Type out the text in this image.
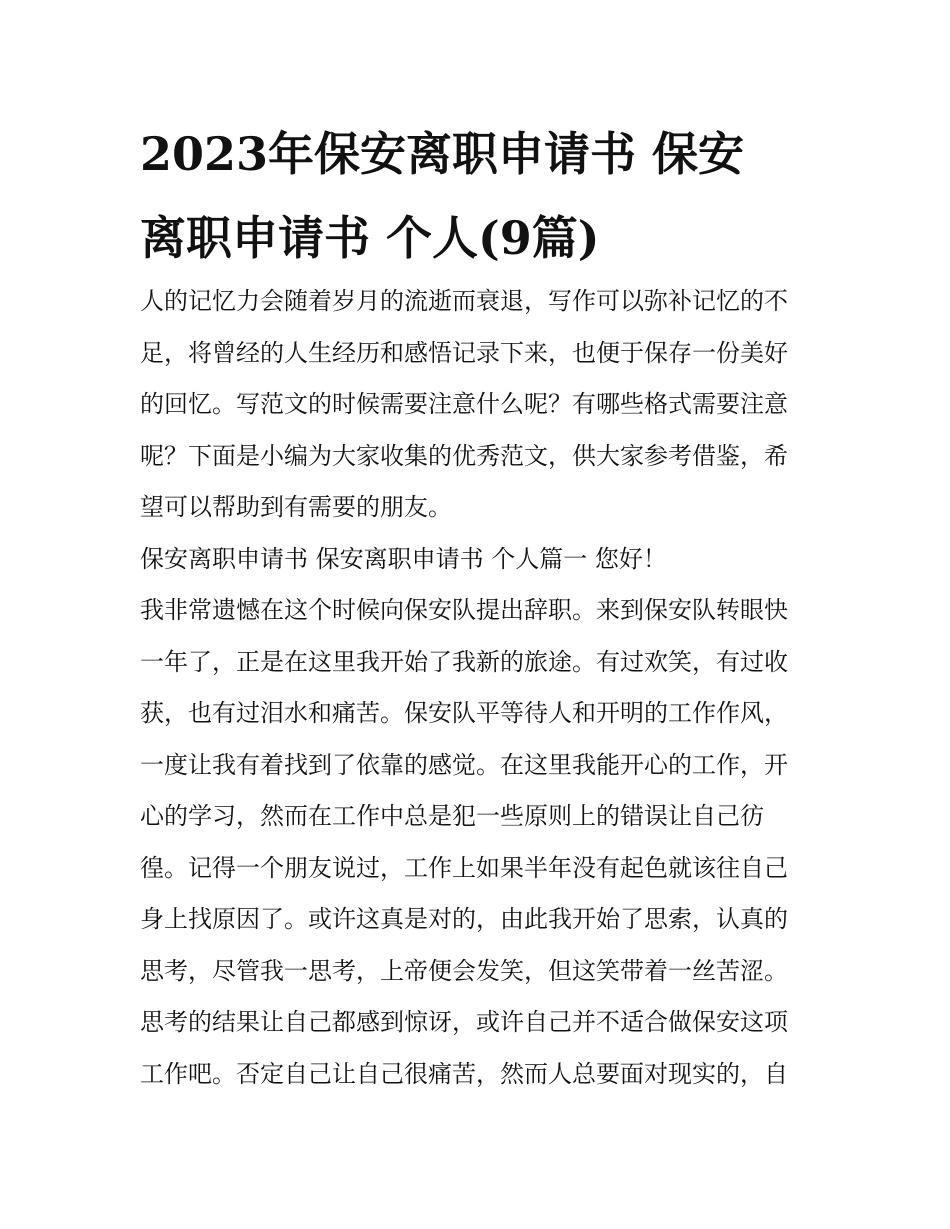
2023年保安离职申请书 保安
离职申请书 个人(9篇)
人的记忆力会随着岁月的流逝而衰退，写作可以弥补记忆的不
足，将曾经的人生经历和感悟记录下来，也便于保存一份美好
的回忆。写范文的时候需要注意什么呢？有哪些格式需要注意
呢？下面是小编为大家收集的优秀范文，供大家参考借鉴，希
望可以帮助到有需要的朋友。
保安离职申请书 保安离职申请书 个人篇一 您好！
我非常遗憾在这个时候向保安队提出辞职。来到保安队转眼快
一年了，正是在这里我开始了我新的旅途。有过欢笑，有过收
获，也有过泪水和痛苦。保安队平等待人和开明的工作作风，
一度让我有着找到了依靠的感觉。在这里我能开心的工作，开
心的学习，然而在工作中总是犯一些原则上的错误让自己彷
徨。记得一个朋友说过，工作上如果半年没有起色就该往自己
身上找原因了。或许这真是对的，由此我开始了思索，认真的
思考，尽管我一思考，上帝便会发笑，但这笑带着一丝苦涩。
思考的结果让自己都感到惊讶，或许自己并不适合做保安这项
工作吧。否定自己让自己很痛苦，然而人总要面对现实的，自
